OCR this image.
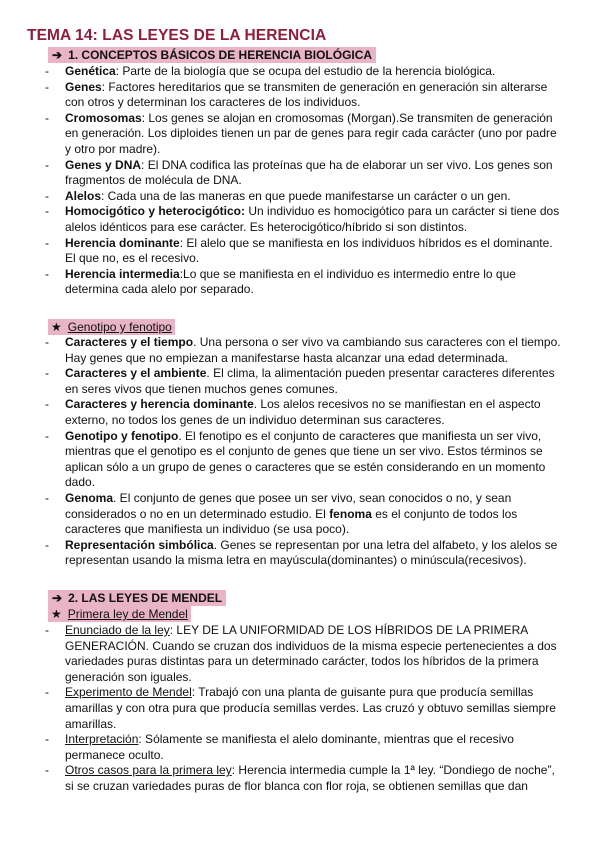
TEMA 14: LAS LEYES DE LA HERENCIA
➔ 1. CONCEPTOS BÁSICOS DE HERENCIA BIOLÓGICA
- Genética: Parte de la biología que se ocupa del estudio de la herencia biológica.
- Genes: Factores hereditarios que se transmiten de generación en generación sin alterarse con otros y determinan los caracteres de los individuos.
- Cromosomas: Los genes se alojan en cromosomas (Morgan).Se transmiten de generación en generación. Los diploides tienen un par de genes para regir cada carácter (uno por padre y otro por madre).
- Genes y DNA: El DNA codifica las proteínas que ha de elaborar un ser vivo. Los genes son fragmentos de molécula de DNA.
- Alelos: Cada una de las maneras en que puede manifestarse un carácter o un gen.
- Homocigótico y heterocigótico: Un individuo es homocigótico para un carácter si tiene dos alelos idénticos para ese carácter. Es heterocigótico/híbrido si son distintos.
- Herencia dominante: El alelo que se manifiesta en los individuos híbridos es el dominante. El que no, es el recesivo.
- Herencia intermedia:Lo que se manifiesta en el individuo es intermedio entre lo que determina cada alelo por separado.
★ Genotipo y fenotipo
- Caracteres y el tiempo. Una persona o ser vivo va cambiando sus caracteres con el tiempo. Hay genes que no empiezan a manifestarse hasta alcanzar una edad determinada.
- Caracteres y el ambiente. El clima, la alimentación pueden presentar caracteres diferentes en seres vivos que tienen muchos genes comunes.
- Caracteres y herencia dominante. Los alelos recesivos no se manifiestan en el aspecto externo, no todos los genes de un individuo determinan sus caracteres.
- Genotipo y fenotipo. El fenotipo es el conjunto de caracteres que manifiesta un ser vivo, mientras que el genotipo es el conjunto de genes que tiene un ser vivo. Estos términos se aplican sólo a un grupo de genes o caracteres que se estén considerando en un momento dado.
- Genoma. El conjunto de genes que posee un ser vivo, sean conocidos o no, y sean considerados o no en un determinado estudio. El fenoma es el conjunto de todos los caracteres que manifiesta un individuo (se usa poco).
- Representación simbólica. Genes se representan por una letra del alfabeto, y los alelos se representan usando la misma letra en mayúscula(dominantes) o minúscula(recesivos).
➔ 2. LAS LEYES DE MENDEL
★ Primera ley de Mendel
- Enunciado de la ley: LEY DE LA UNIFORMIDAD DE LOS HÍBRIDOS DE LA PRIMERA GENERACIÓN. Cuando se cruzan dos individuos de la misma especie pertenecientes a dos variedades puras distintas para un determinado carácter, todos los híbridos de la primera generación son iguales.
- Experimento de Mendel: Trabajó con una planta de guisante pura que producía semillas amarillas y con otra pura que producía semillas verdes. Las cruzó y obtuvo semillas siempre amarillas.
- Interpretación: Sólamente se manifiesta el alelo dominante, mientras que el recesivo permanece oculto.
- Otros casos para la primera ley: Herencia intermedia cumple la 1ª ley. “Dondiego de noche”, si se cruzan variedades puras de flor blanca con flor roja, se obtienen semillas que dan
